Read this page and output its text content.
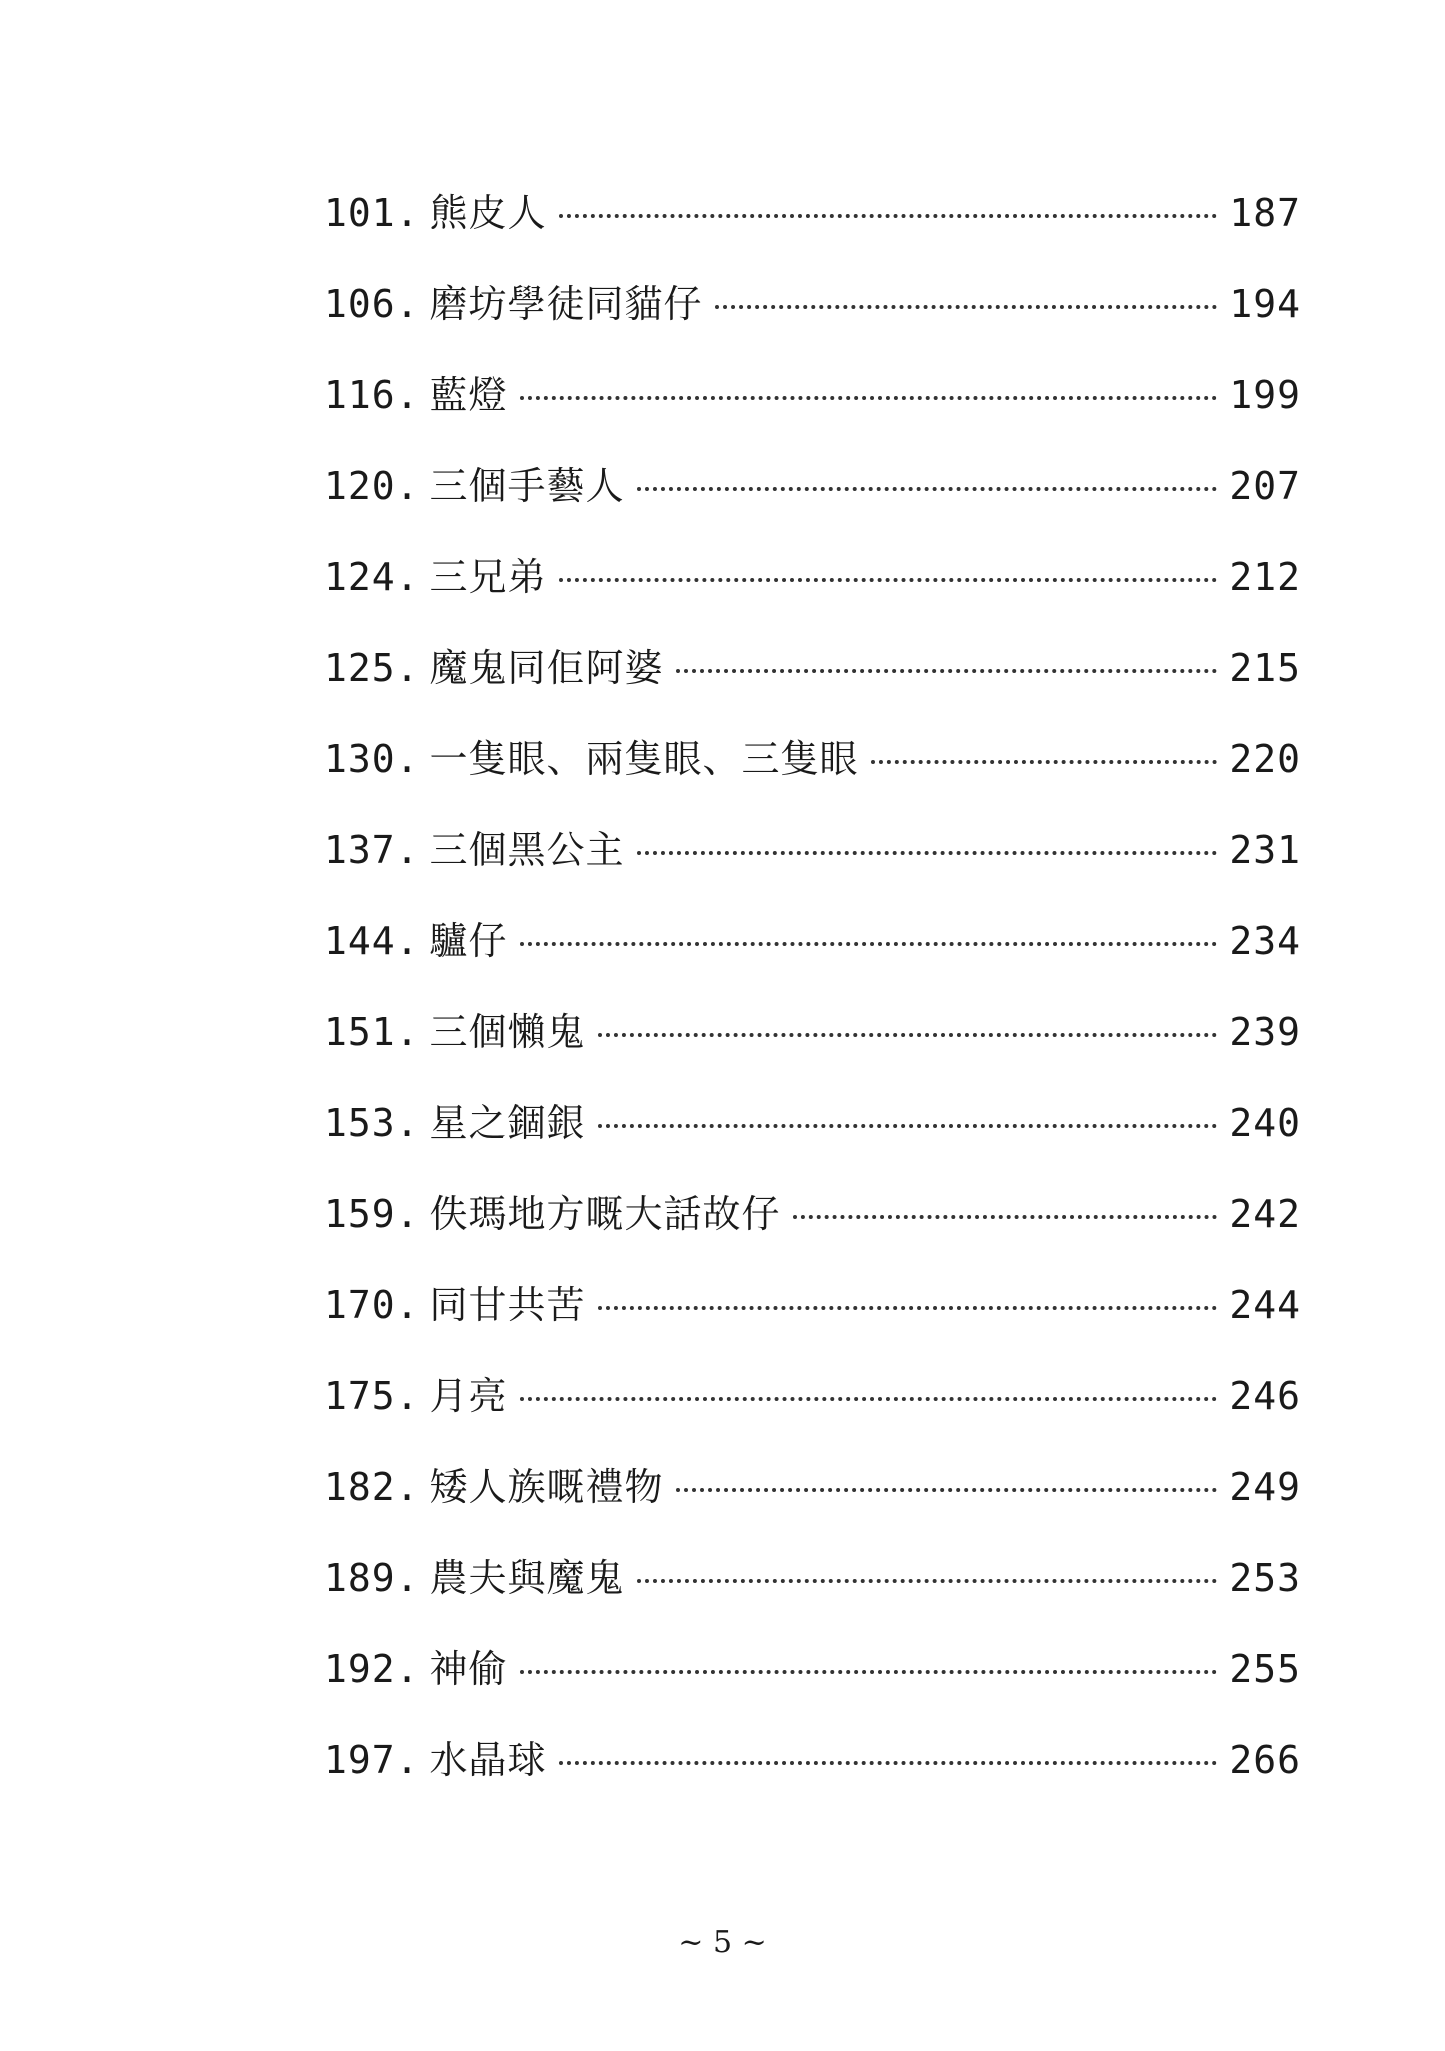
101. 熊皮人	187
106. 磨坊學徒同貓仔	194
116. 藍燈	199
120. 三個手藝人	207
124. 三兄弟	212
125. 魔鬼同佢阿婆	215
130. 一隻眼、兩隻眼、三隻眼	220
137. 三個黑公主	231
144. 驢仔	234
151. 三個懶鬼	239
153. 星之錮銀	240
159. 佚瑪地方嘅大話故仔	242
170. 同甘共苦	244
175. 月亮	246
182. 矮人族嘅禮物	249
189. 農夫與魔鬼	253
192. 神偷	255
197. 水晶球	266
~ 5 ~
